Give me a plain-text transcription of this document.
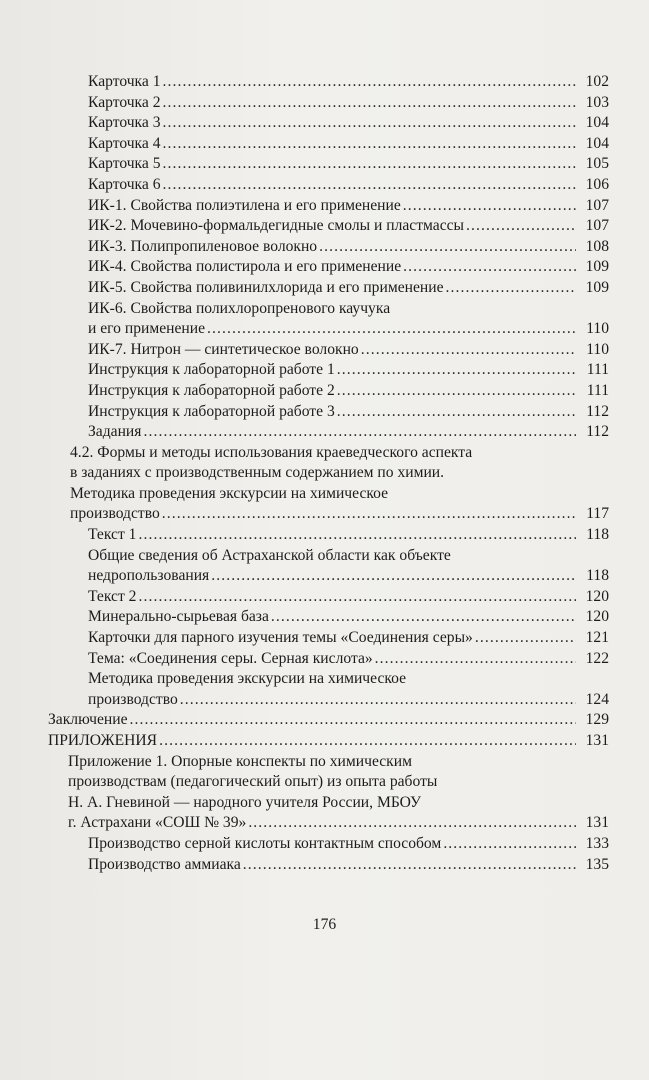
Карточка 1 .....	102
Карточка 2 .....	103
Карточка 3 .....	104
Карточка 4 .....	104
Карточка 5 .....	105
Карточка 6 .....	106
ИК-1. Свойства полиэтилена и его применение .....	107
ИК-2. Мочевино-формальдегидные смолы и пластмассы .....	107
ИК-3. Полипропиленовое волокно .....	108
ИК-4. Свойства полистирола и его применение .....	109
ИК-5. Свойства поливинилхлорида и его применение .....	109
ИК-6. Свойства полихлоропренового каучука
и его применение .....	110
ИК-7. Нитрон — синтетическое волокно .....	110
Инструкция к лабораторной работе 1 .....	111
Инструкция к лабораторной работе 2 .....	111
Инструкция к лабораторной работе 3 .....	112
Задания .....	112
4.2. Формы и методы использования краеведческого аспекта
в заданиях с производственным содержанием по химии.
Методика проведения экскурсии на химическое
производство .....	117
Текст 1 .....	118
Общие сведения об Астраханской области как объекте
недропользования .....	118
Текст 2 .....	120
Минерально-сырьевая база .....	120
Карточки для парного изучения темы «Соединения серы» .....	121
Тема: «Соединения серы. Серная кислота» .....	122
Методика проведения экскурсии на химическое
производство .....	124
Заключение .....	129
ПРИЛОЖЕНИЯ .....	131
Приложение 1. Опорные конспекты по химическим
производствам (педагогический опыт) из опыта работы
Н. А. Гневиной — народного учителя России, МБОУ
г. Астрахани «СОШ № 39» .....	131
Производство серной кислоты контактным способом .....	133
Производство аммиака .....	135
176
